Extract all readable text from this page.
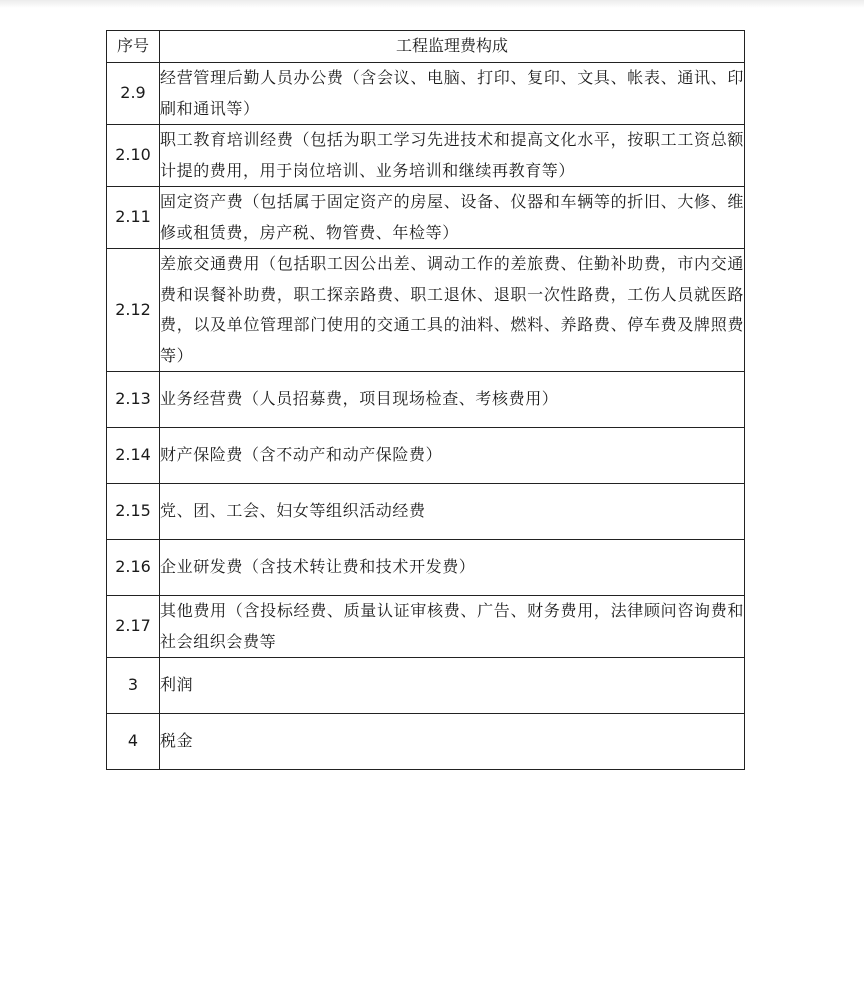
序号	工程监理费构成
2.9	经营管理后勤人员办公费（含会议、电脑、打印、复印、文具、帐表、通讯、印刷和通讯等）
2.10	职工教育培训经费（包括为职工学习先进技术和提高文化水平，按职工工资总额计提的费用，用于岗位培训、业务培训和继续再教育等）
2.11	固定资产费（包括属于固定资产的房屋、设备、仪器和车辆等的折旧、大修、维修或租赁费，房产税、物管费、年检等）
2.12	差旅交通费用（包括职工因公出差、调动工作的差旅费、住勤补助费，市内交通费和误餐补助费，职工探亲路费、职工退休、退职一次性路费，工伤人员就医路费，以及单位管理部门使用的交通工具的油料、燃料、养路费、停车费及牌照费等）
2.13	业务经营费（人员招募费，项目现场检查、考核费用）
2.14	财产保险费（含不动产和动产保险费）
2.15	党、团、工会、妇女等组织活动经费
2.16	企业研发费（含技术转让费和技术开发费）
2.17	其他费用（含投标经费、质量认证审核费、广告、财务费用，法律顾问咨询费和社会组织会费等
3	利润
4	税金
